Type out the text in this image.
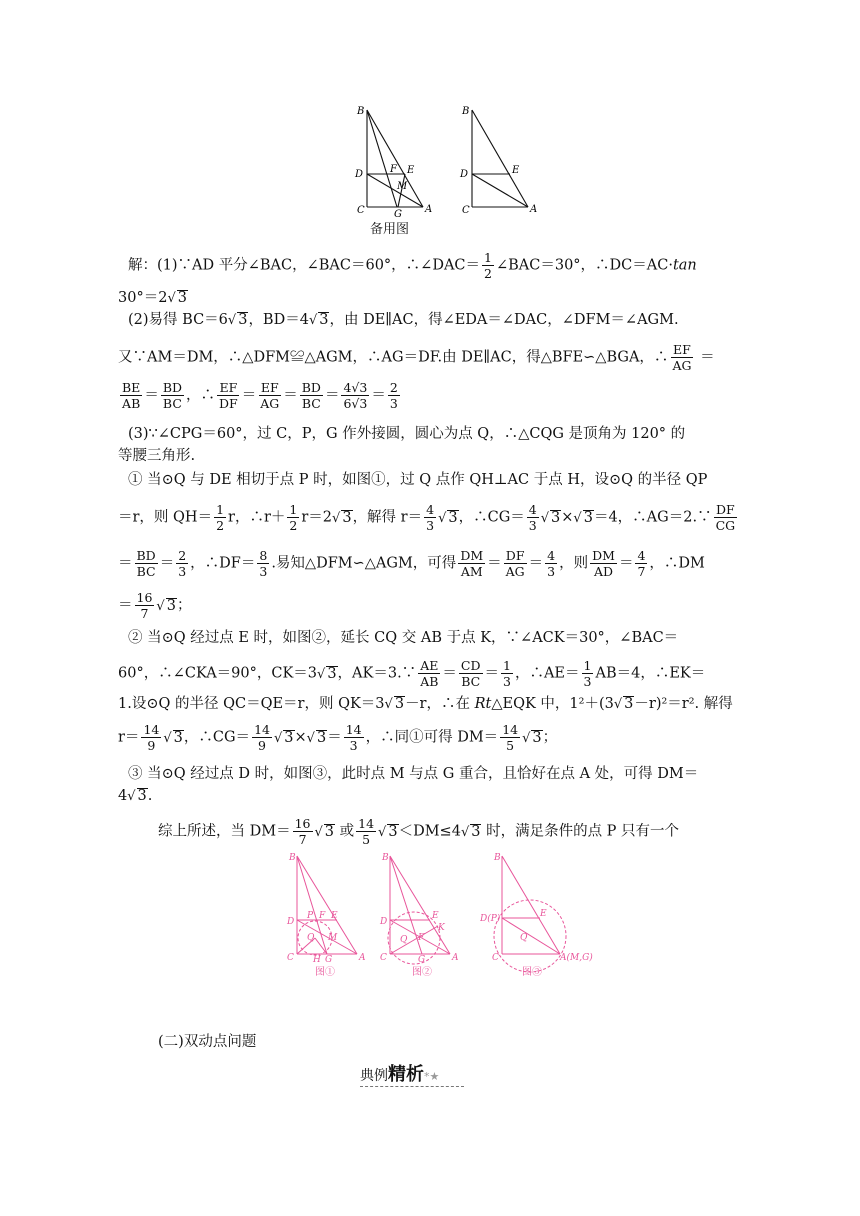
B
D	F E
M
C	G A
B
D	E
C	A
备用图
解：(1)∵AD 平分∠BAC，∠BAC＝60°，∴∠DAC＝ $\frac{1}{2}$ ∠BAC＝30°，∴DC＝AC·tan
30°＝2√ 3
(2)易得 BC＝6√ 3，BD＝4√ 3，由 DE∥AC，得∠EDA＝∠DAC，∠DFM＝∠AGM.
又∵AM＝DM，∴△DFM≌△AGM，∴AG＝DF.由 DE∥AC，得△BFE∽△BGA，∴ $\frac{EF}{AG}$ ＝
$\frac{BE}{AB} = \frac{BD}{BC}$ ，∴ $\frac{EF}{DF} = \frac{EF}{AG} = \frac{BD}{BC} = \frac{4√3}{6√3} = \frac{2}{3}$
(3)∵∠CPG＝60°，过 C，P，G 作外接圆，圆心为点 Q，∴△CQG 是顶角为 120° 的
等腰三角形.
① 当⊙Q 与 DE 相切于点 P 时，如图①，过 Q 点作 QH⊥AC 于点 H，设⊙Q 的半径 QP
＝r，则 $QH= \frac{1}{2}$ r，∴r＋ $\frac{1}{2} r=2√$ 3，解得 $r= \frac{4}{3}$
√ 3，∴CG＝ $\frac{4}{3}$
√ 3×√ 3＝4，∴AG＝2.∵ $\frac{DF}{CG}$
＝ $\frac{BD}{BC} = \frac{2}{3}$ ，∴DF＝ $\frac{8}{3}$ .易知△DFM∽△AGM，可得 $\frac{DM}{AM} = \frac{DF}{AG} = \frac{4}{3}$ ，则 $\frac{DM}{AD} = \frac{4}{7}$ ，∴DM
＝ $\frac{16}{7}$
√ 3；
② 当⊙Q 经过点 E 时，如图②，延长 CQ 交 AB 于点 K，∵∠ACK＝30°，∠BAC＝
60°，∴∠CKA＝90°，CK＝3√ 3，AK＝3.∵ $\frac{AE}{AB} = \frac{CD}{BC} = \frac{1}{3}$ ，∴AE＝ $\frac{1}{3} AB=4$，∴EK＝
1.设⊙Q 的半径 QC＝QE＝r，则 QK＝3√ 3－r，∴在 Rt△EQK 中，1²＋(3√ 3－r)²＝r². 解得
$r= \frac{14}{9}$
√ 3，∴CG＝ $\frac{14}{9}$
√ 3×√ $3= \frac{14}{3}$ ，∴同①可得 $DM= \frac{14}{5}$
√ 3；
③ 当⊙Q 经过点 D 时，如图③，此时点 M 与点 G 重合，且恰好在点 A 处，可得 DM＝
4√ 3.
综上所述，当 $DM= \frac{16}{7}$
√ 3 或 $\frac{14}{5}$
√ 3＜DM≤4√ 3 时，满足条件的点 P 只有一个
B
D
P F E
Q M
C H G	A
图①
B
D
E
K
Q F
C	G	A
图②
B
D(P)	E
Q
C	A(M,G)
图③
(二)双动点问题
典例精析*★
